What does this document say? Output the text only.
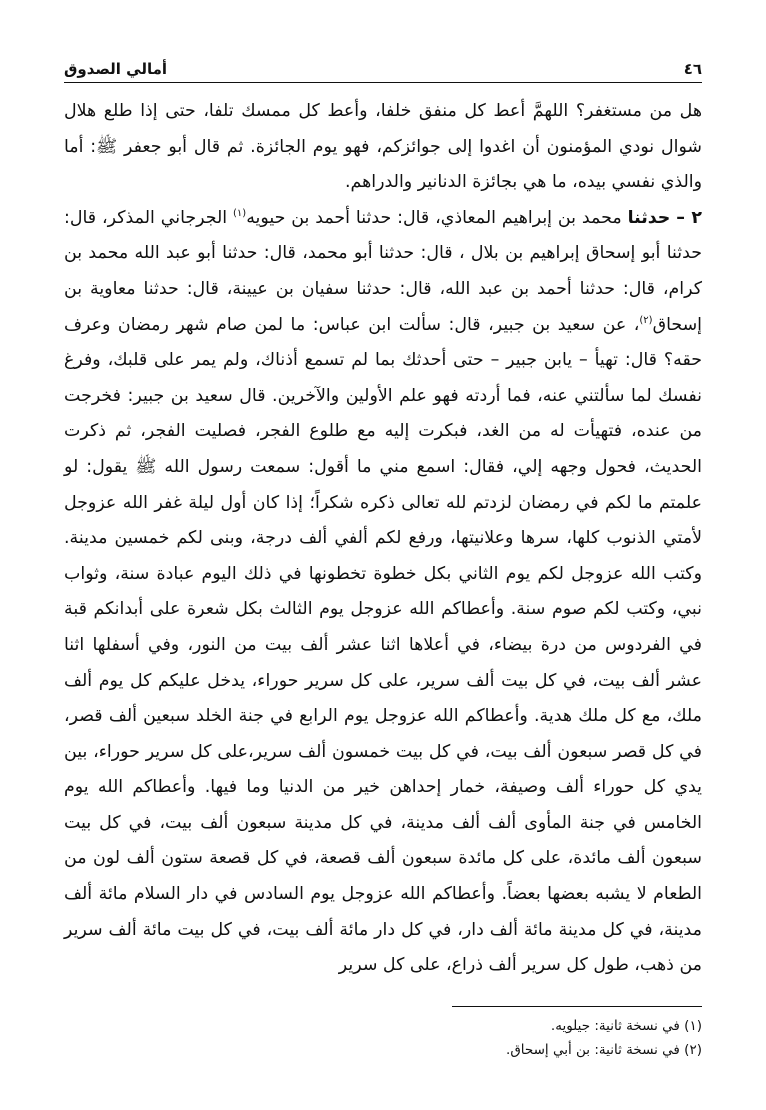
٤٦
أمالي الصدوق

هل من مستغفر؟ اللهمَّ أعط كل منفق خلفا، وأعط كل ممسك تلفا، حتى إذا طلع هلال شوال نودي المؤمنون أن اغدوا إلى جوائزكم، فهو يوم الجائزة. ثم قال أبو جعفر ﷺ: أما والذي نفسي بيده، ما هي بجائزة الدنانير والدراهم.

٢ – حدثنا محمد بن إبراهيم المعاذي، قال: حدثنا أحمد بن حيويه$^{(١)}$ الجرجاني المذكر، قال: حدثنا أبو إسحاق إبراهيم بن بلال ، قال: حدثنا أبو محمد، قال: حدثنا أبو عبد الله محمد بن كرام، قال: حدثنا أحمد بن عبد الله، قال: حدثنا سفيان بن عيينة، قال: حدثنا معاوية بن إسحاق$^{(٢)}$، عن سعيد بن جبير، قال: سألت ابن عباس: ما لمن صام شهر رمضان وعرف حقه؟ قال: تهيأ – يابن جبير – حتى أحدثك بما لم تسمع أذناك، ولم يمر على قلبك، وفرغ نفسك لما سألتني عنه، فما أردته فهو علم الأولين والآخرين. قال سعيد بن جبير: فخرجت من عنده، فتهيأت له من الغد، فبكرت إليه مع طلوع الفجر، فصليت الفجر، ثم ذكرت الحديث، فحول وجهه إلي، فقال: اسمع مني ما أقول: سمعت رسول الله ﷺ يقول: لو علمتم ما لكم في رمضان لزدتم لله تعالى ذكره شكراً؛ إذا كان أول ليلة غفر الله عزوجل لأمتي الذنوب كلها، سرها وعلانيتها، ورفع لكم ألفي ألف درجة، وبنى لكم خمسين مدينة. وكتب الله عزوجل لكم يوم الثاني بكل خطوة تخطونها في ذلك اليوم عبادة سنة، وثواب نبي، وكتب لكم صوم سنة. وأعطاكم الله عزوجل يوم الثالث بكل شعرة على أبدانكم قبة في الفردوس من درة بيضاء، في أعلاها اثنا عشر ألف بيت من النور، وفي أسفلها اثنا عشر ألف بيت، في كل بيت ألف سرير، على كل سرير حوراء، يدخل عليكم كل يوم ألف ملك، مع كل ملك هدية. وأعطاكم الله عزوجل يوم الرابع في جنة الخلد سبعين ألف قصر، في كل قصر سبعون ألف بيت، في كل بيت خمسون ألف سرير،على كل سرير حوراء، بين يدي كل حوراء ألف وصيفة، خمار إحداهن خير من الدنيا وما فيها. وأعطاكم الله يوم الخامس في جنة المأوى ألف ألف مدينة، في كل مدينة سبعون ألف بيت، في كل بيت سبعون ألف مائدة، على كل مائدة سبعون ألف قصعة، في كل قصعة ستون ألف لون من الطعام لا يشبه بعضها بعضاً. وأعطاكم الله عزوجل يوم السادس في دار السلام مائة ألف مدينة، في كل مدينة مائة ألف دار، في كل دار مائة ألف بيت، في كل بيت مائة ألف سرير من ذهب، طول كل سرير ألف ذراع، على كل سرير

(١) في نسخة ثانية: جيلويه.

(٢) في نسخة ثانية: بن أبي إسحاق.
